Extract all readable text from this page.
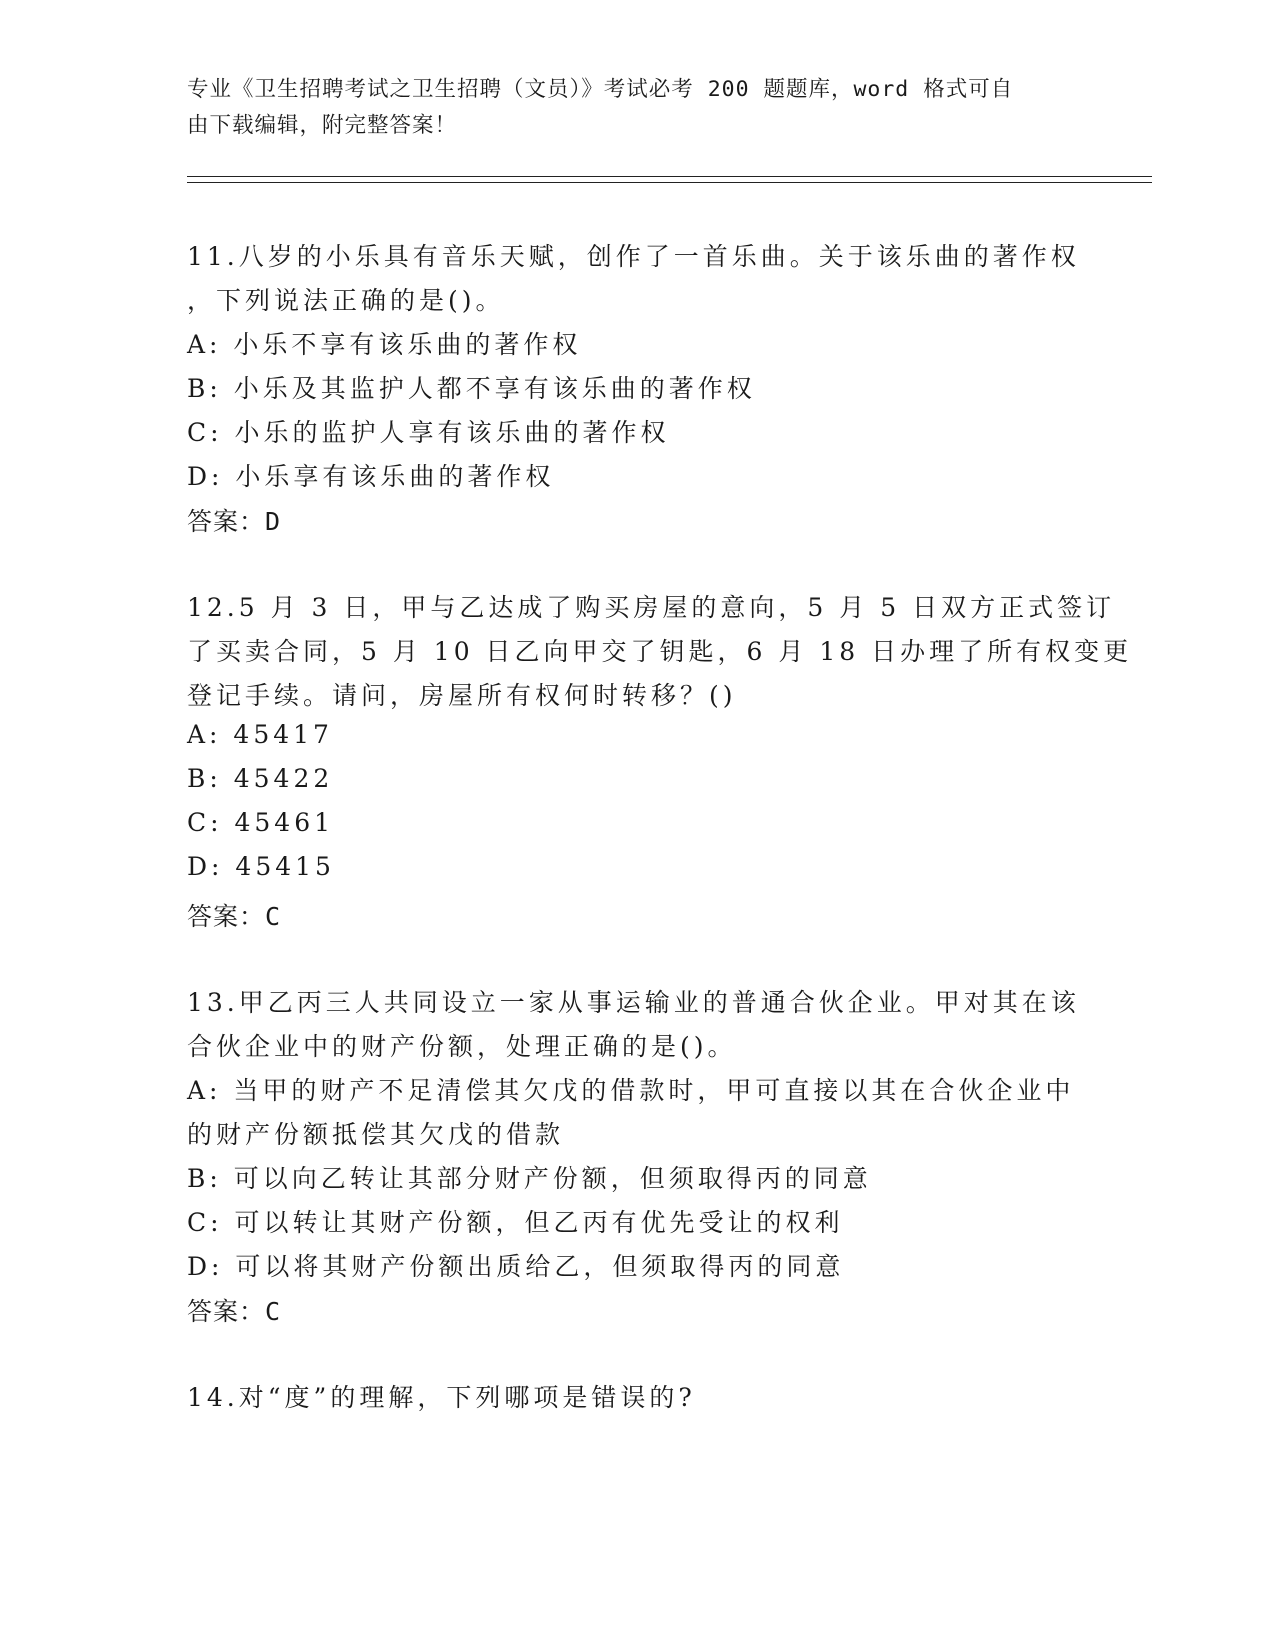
专业《卫生招聘考试之卫生招聘（文员）》考试必考 200 题题库，word 格式可自
由下载编辑，附完整答案！
11.八岁的小乐具有音乐天赋，创作了一首乐曲。关于该乐曲的著作权
，下列说法正确的是()。
A: 小乐不享有该乐曲的著作权
B: 小乐及其监护人都不享有该乐曲的著作权
C: 小乐的监护人享有该乐曲的著作权
D: 小乐享有该乐曲的著作权
答案：D
12.5 月 3 日，甲与乙达成了购买房屋的意向，5 月 5 日双方正式签订
了买卖合同，5 月 10 日乙向甲交了钥匙，6 月 18 日办理了所有权变更
登记手续。请问，房屋所有权何时转移？()
A: 45417
B: 45422
C: 45461
D: 45415
答案：C
13.甲乙丙三人共同设立一家从事运输业的普通合伙企业。甲对其在该
合伙企业中的财产份额，处理正确的是()。
A: 当甲的财产不足清偿其欠戊的借款时，甲可直接以其在合伙企业中
的财产份额抵偿其欠戊的借款
B: 可以向乙转让其部分财产份额，但须取得丙的同意
C: 可以转让其财产份额，但乙丙有优先受让的权利
D: 可以将其财产份额出质给乙，但须取得丙的同意
答案：C
14.对“度”的理解，下列哪项是错误的?
